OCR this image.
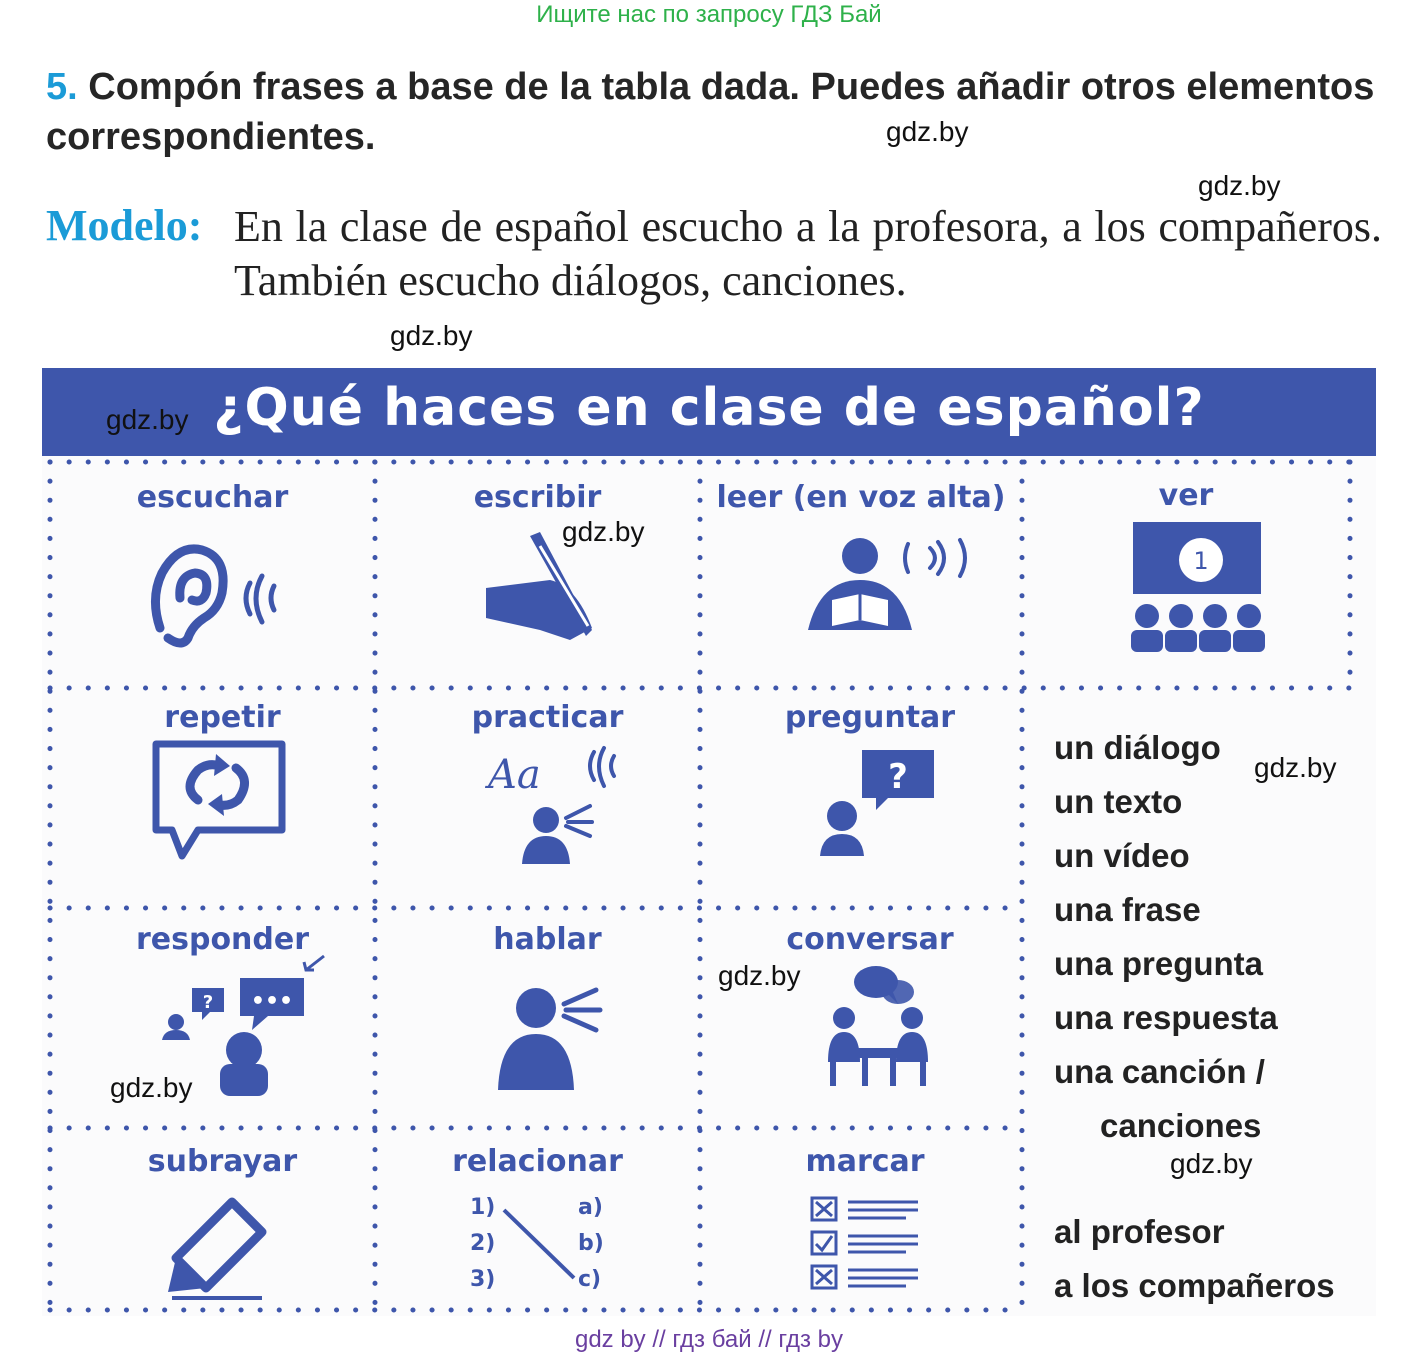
Ищите нас по запросу ГДЗ Бай
5. Compón frases a base de la tabla dada. Puedes añadir otros elementos correspondientes.	gdz.by
gdz.by
Modelo: En la clase de español escucho a la profesora, a los compañeros. También escucho diálogos, canciones.
gdz.by
¿Qué haces en clase de español?
gdz.by
escuchar	escribir	leer (en voz alta)	ver
repetir	practicar	preguntar
responder	hablar	conversar
subrayar	relacionar	marcar
1
Aa	?
•••
?
1)
2)
3)
a)
b)
c)
gdz.by
gdz.by
gdz.by
gdz.by
gdz.by
un diálogo
un texto
un vídeo
una frase
una pregunta
una respuesta
una canción /
canciones
al profesor
a los compañeros
gdz by // гдз бай // гдз by
